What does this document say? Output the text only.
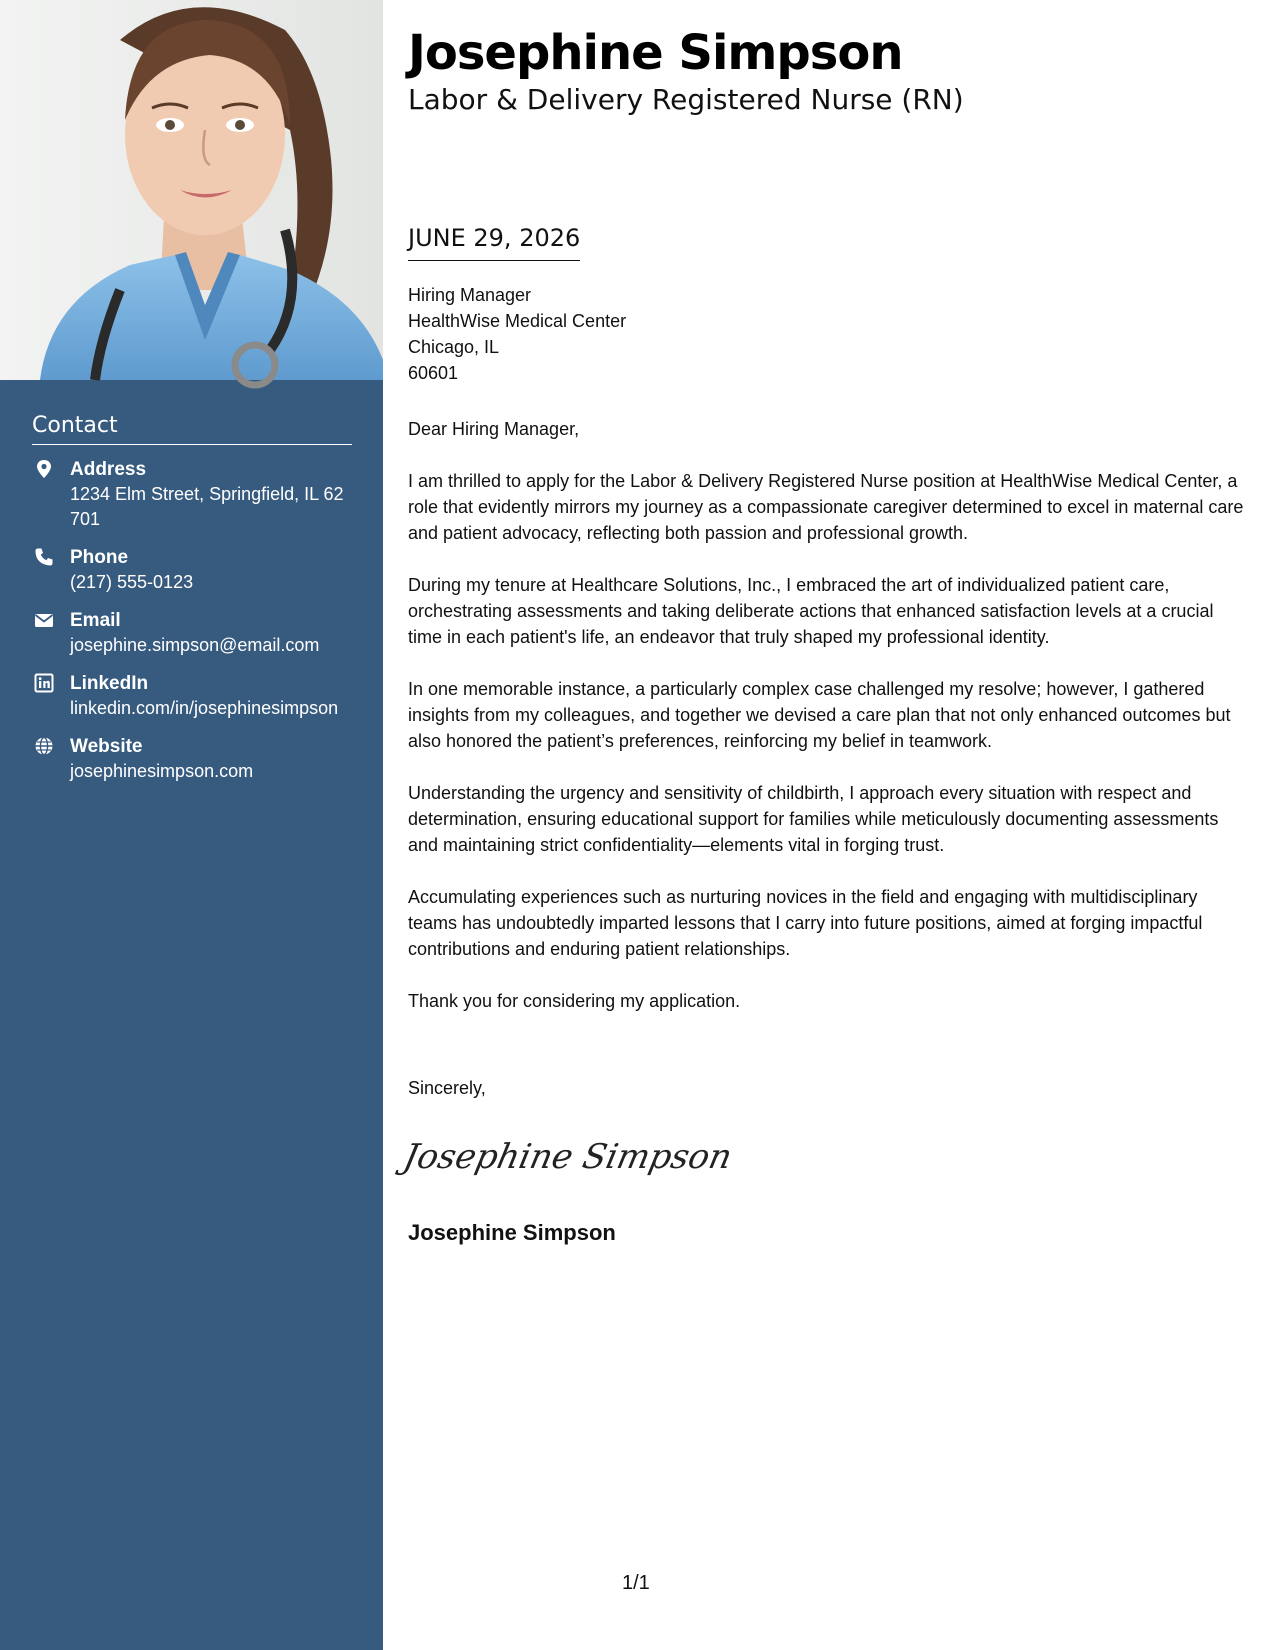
Contact
Address
1234 Elm Street, Springfield, IL 62701
Phone
(217) 555-0123
Email
josephine.simpson@email.com
LinkedIn
linkedin.com/in/josephinesimpson
Website
josephinesimpson.com
Josephine Simpson
Labor & Delivery Registered Nurse (RN)
JUNE 29, 2026
Hiring Manager
HealthWise Medical Center
Chicago, IL
60601

Dear Hiring Manager,

I am thrilled to apply for the Labor & Delivery Registered Nurse position at HealthWise Medical Center, a role that evidently mirrors my journey as a compassionate caregiver determined to excel in maternal care and patient advocacy, reflecting both passion and professional growth.

During my tenure at Healthcare Solutions, Inc., I embraced the art of individualized patient care, orchestrating assessments and taking deliberate actions that enhanced satisfaction levels at a crucial time in each patient's life, an endeavor that truly shaped my professional identity.

In one memorable instance, a particularly complex case challenged my resolve; however, I gathered insights from my colleagues, and together we devised a care plan that not only enhanced outcomes but also honored the patient’s preferences, reinforcing my belief in teamwork.

Understanding the urgency and sensitivity of childbirth, I approach every situation with respect and determination, ensuring educational support for families while meticulously documenting assessments and maintaining strict confidentiality—elements vital in forging trust.

Accumulating experiences such as nurturing novices in the field and engaging with multidisciplinary teams has undoubtedly imparted lessons that I carry into future positions, aimed at forging impactful contributions and enduring patient relationships.

Thank you for considering my application.

Sincerely,
Josephine Simpson
Josephine Simpson
1/1
